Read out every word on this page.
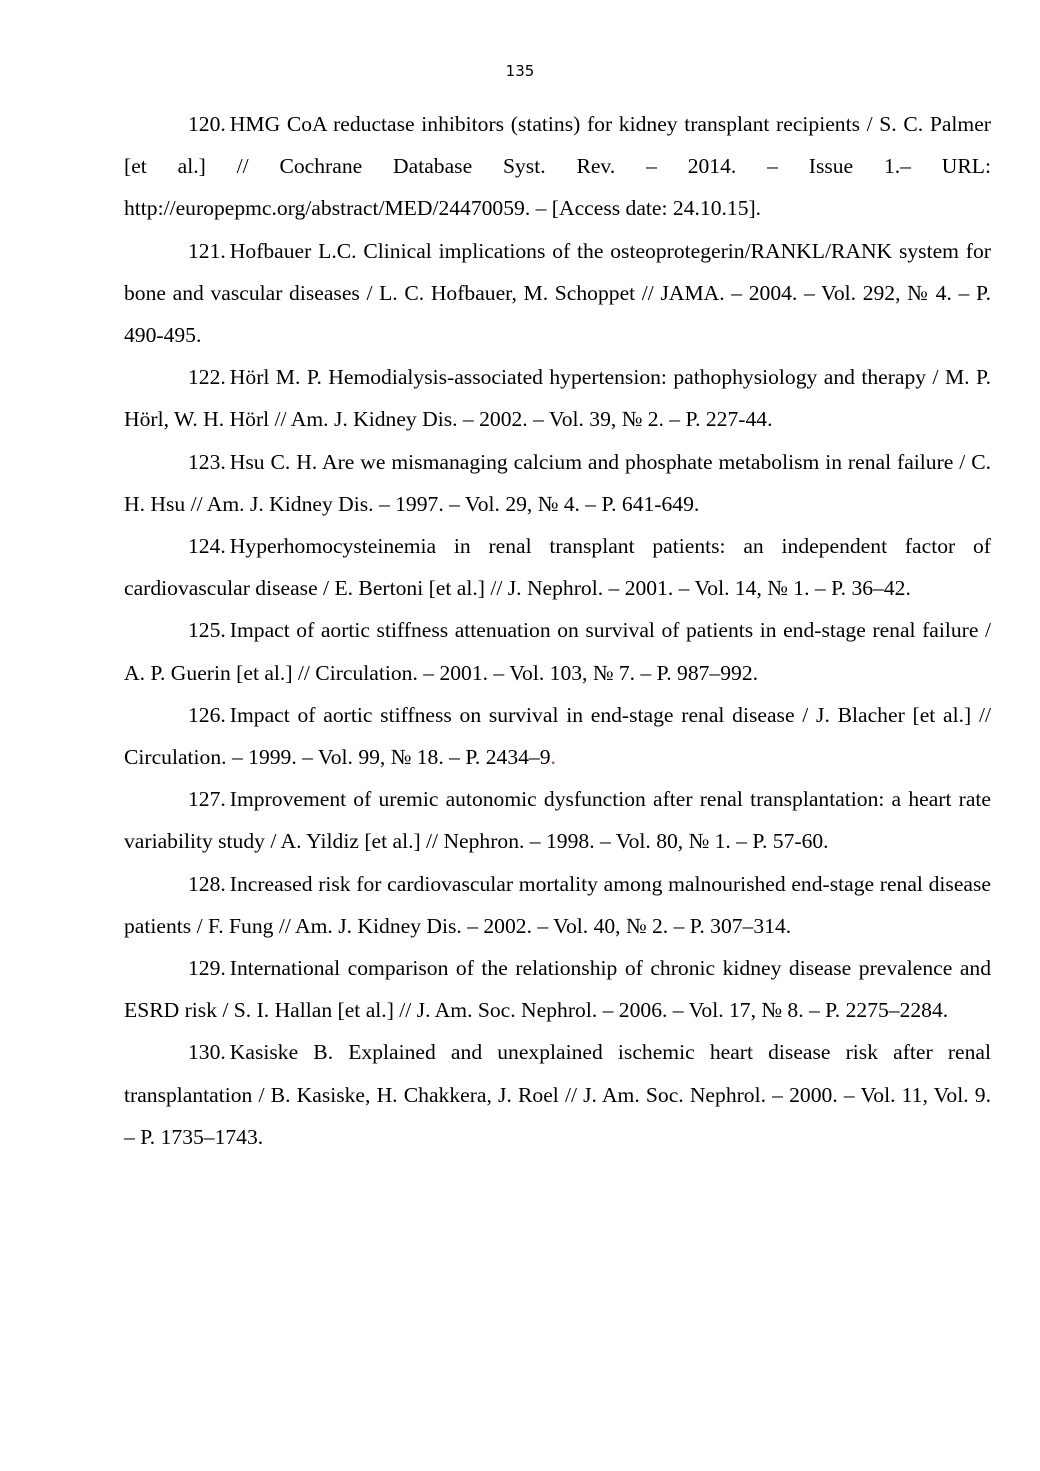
135
120. HMG CoA reductase inhibitors (statins) for kidney transplant recipients / S. C. Palmer [et al.] // Cochrane Database Syst. Rev. – 2014. – Issue 1.– URL: http://europepmc.org/abstract/MED/24470059. – [Access date: 24.10.15].
121. Hofbauer L.C. Clinical implications of the osteoprotegerin/RANKL/RANK system for bone and vascular diseases / L. C. Hofbauer, M. Schoppet // JAMA. – 2004. – Vol. 292, № 4. – P. 490-495.
122. Hörl M. P. Hemodialysis-associated hypertension: pathophysiology and therapy / M. P. Hörl, W. H. Hörl // Am. J. Kidney Dis. – 2002. – Vol. 39, № 2. – P. 227-44.
123. Hsu C. H. Are we mismanaging calcium and phosphate metabolism in renal failure / C. H. Hsu // Am. J. Kidney Dis. – 1997. – Vol. 29, № 4. – P. 641-649.
124. Hyperhomocysteinemia in renal transplant patients: an independent factor of cardiovascular disease / E. Bertoni [et al.] // J. Nephrol. – 2001. – Vol. 14, № 1. – P. 36–42.
125. Impact of aortic stiffness attenuation on survival of patients in end-stage renal failure / A. P. Guerin [et al.] // Circulation. – 2001. – Vol. 103, № 7. – P. 987–992.
126. Impact of aortic stiffness on survival in end-stage renal disease / J. Blacher [et al.] // Circulation. – 1999. – Vol. 99, № 18. – P. 2434–9.
127. Improvement of uremic autonomic dysfunction after renal transplantation: a heart rate variability study / A. Yildiz [et al.] // Nephron. – 1998. – Vol. 80, № 1. – P. 57-60.
128. Increased risk for cardiovascular mortality among malnourished end-stage renal disease patients / F. Fung // Am. J. Kidney Dis. – 2002. – Vol. 40, № 2. – P. 307–314.
129. International comparison of the relationship of chronic kidney disease prevalence and ESRD risk / S. I. Hallan [et al.] // J. Am. Soc. Nephrol. – 2006. – Vol. 17, № 8. – P. 2275–2284.
130. Kasiske B. Explained and unexplained ischemic heart disease risk after renal transplantation / B. Kasiske, H. Chakkera, J. Roel // J. Am. Soc. Nephrol. – 2000. – Vol. 11, Vol. 9. – P. 1735–1743.
